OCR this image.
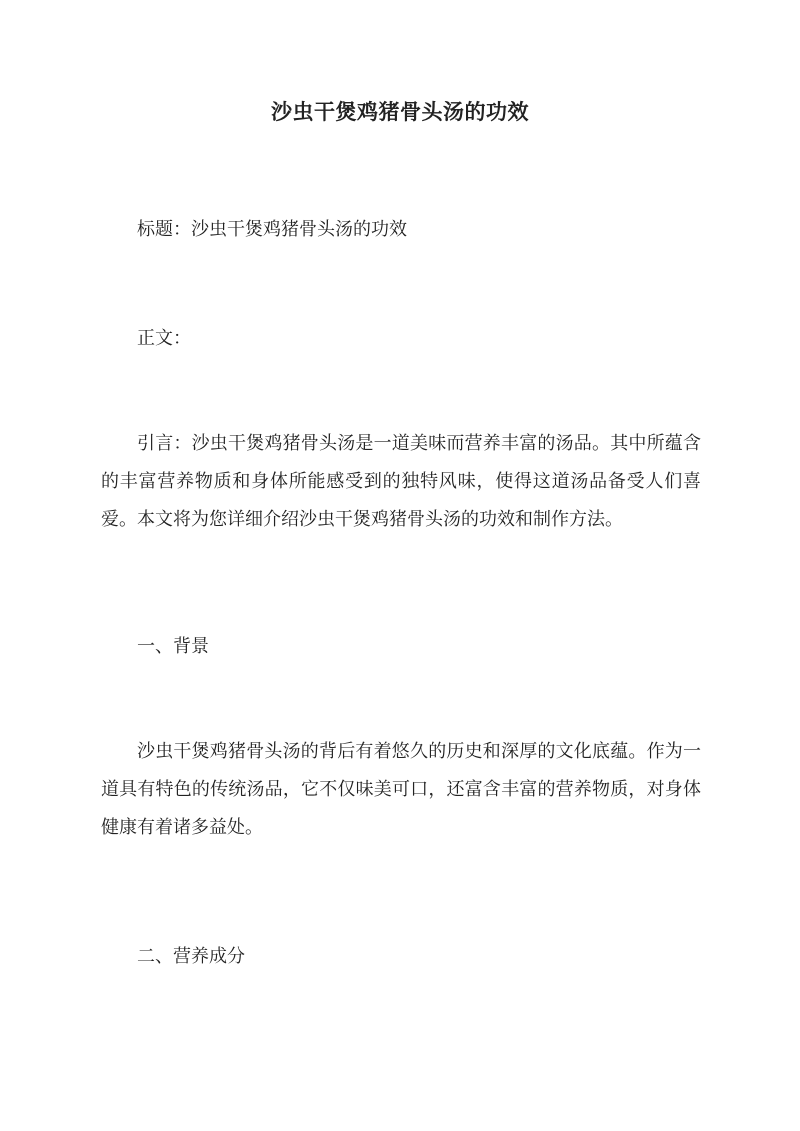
沙虫干煲鸡猪骨头汤的功效

标题：沙虫干煲鸡猪骨头汤的功效

正文：

引言：沙虫干煲鸡猪骨头汤是一道美味而营养丰富的汤品。其中所蕴含的丰富营养物质和身体所能感受到的独特风味，使得这道汤品备受人们喜爱。本文将为您详细介绍沙虫干煲鸡猪骨头汤的功效和制作方法。

一、背景

沙虫干煲鸡猪骨头汤的背后有着悠久的历史和深厚的文化底蕴。作为一道具有特色的传统汤品，它不仅味美可口，还富含丰富的营养物质，对身体健康有着诸多益处。

二、营养成分
